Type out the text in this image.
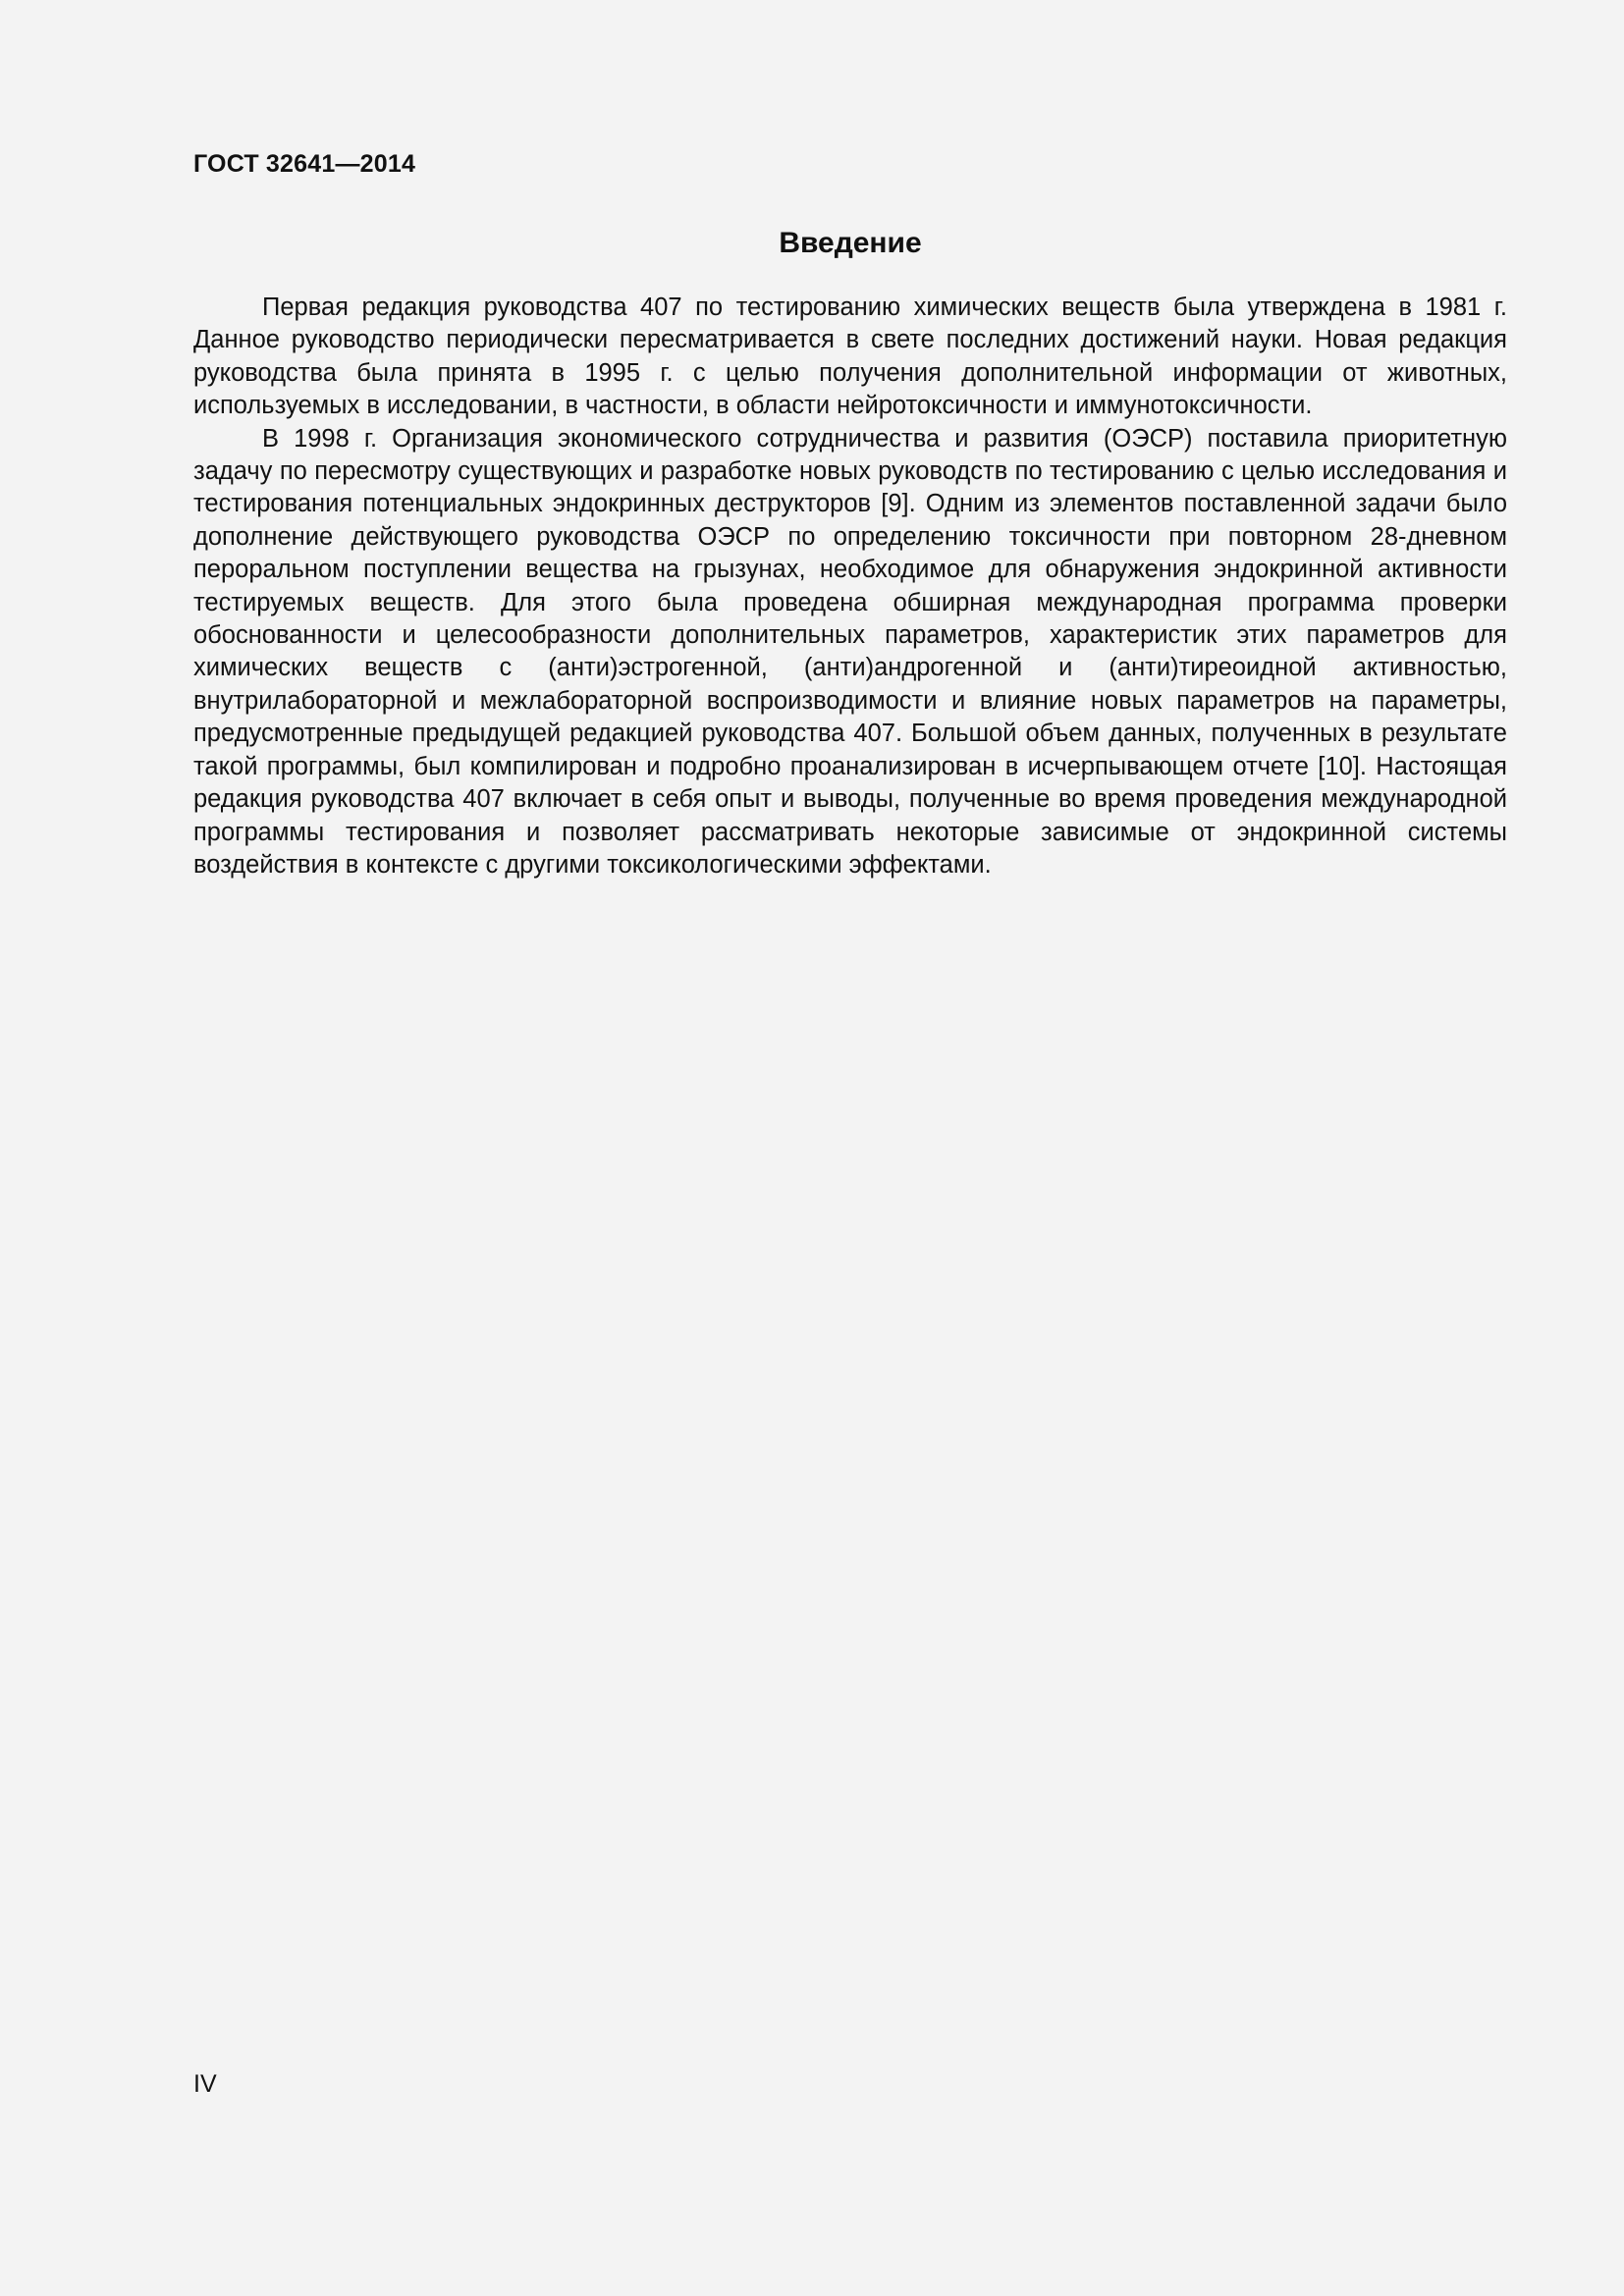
ГОСТ 32641—2014
Введение

Первая редакция руководства 407 по тестированию химических веществ была утверждена в 1981 г. Данное руководство периодически пересматривается в свете последних достижений науки. Новая редакция руководства была принята в 1995 г. с целью получения дополнительной информации от животных, используемых в исследовании, в частности, в области нейротоксичности и иммунотоксичности.

В 1998 г. Организация экономического сотрудничества и развития (ОЭСР) поставила приоритетную задачу по пересмотру существующих и разработке новых руководств по тестированию с целью исследования и тестирования потенциальных эндокринных деструкторов [9]. Одним из элементов поставленной задачи было дополнение действующего руководства ОЭСР по определению токсичности при повторном 28-дневном пероральном поступлении вещества на грызунах, необходимое для обнаружения эндокринной активности тестируемых веществ. Для этого была проведена обширная международная программа проверки обоснованности и целесообразности дополнительных параметров, характеристик этих параметров для химических веществ с (анти)эстрогенной, (анти)андрогенной и (анти)тиреоидной активностью, внутрилабораторной и межлабораторной воспроизводимости и влияние новых параметров на параметры, предусмотренные предыдущей редакцией руководства 407. Большой объем данных, полученных в результате такой программы, был компилирован и подробно проанализирован в исчерпывающем отчете [10]. Настоящая редакция руководства 407 включает в себя опыт и выводы, полученные во время проведения международной программы тестирования и позволяет рассматривать некоторые зависимые от эндокринной системы воздействия в контексте с другими токсикологическими эффектами.

IV
